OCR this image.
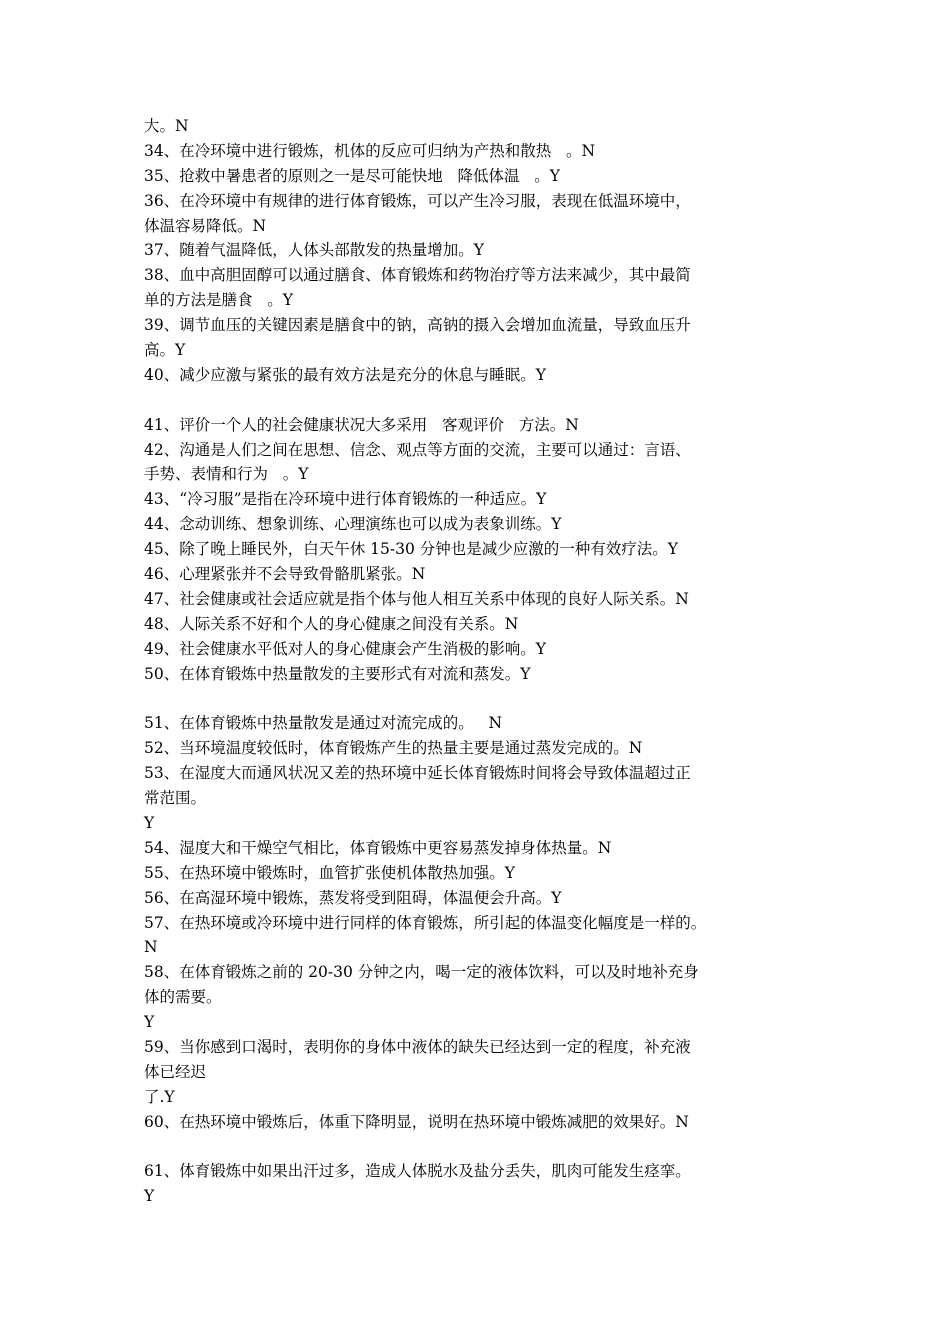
大。N
34、在冷环境中进行锻炼，机体的反应可归纳为产热和散热   。N
35、抢救中暑患者的原则之一是尽可能快地   降低体温   。Y
36、在冷环境中有规律的进行体育锻炼，可以产生冷习服，表现在低温环境中，
体温容易降低。N
37、随着气温降低，人体头部散发的热量增加。Y
38、血中高胆固醇可以通过膳食、体育锻炼和药物治疗等方法来减少，其中最简
单的方法是膳食   。Y
39、调节血压的关键因素是膳食中的钠，高钠的摄入会增加血流量，导致血压升
高。Y
40、减少应激与紧张的最有效方法是充分的休息与睡眠。Y
41、评价一个人的社会健康状况大多采用   客观评价   方法。N
42、沟通是人们之间在思想、信念、观点等方面的交流，主要可以通过：言语、
手势、表情和行为   。Y
43、“冷习服”是指在冷环境中进行体育锻炼的一种适应。Y
44、念动训练、想象训练、心理演练也可以成为表象训练。Y
45、除了晚上睡民外，白天午休 15-30 分钟也是减少应激的一种有效疗法。Y
46、心理紧张并不会导致骨骼肌紧张。N
47、社会健康或社会适应就是指个体与他人相互关系中体现的良好人际关系。N
48、人际关系不好和个人的身心健康之间没有关系。N
49、社会健康水平低对人的身心健康会产生消极的影响。Y
50、在体育锻炼中热量散发的主要形式有对流和蒸发。Y
51、在体育锻炼中热量散发是通过对流完成的。   N
52、当环境温度较低时，体育锻炼产生的热量主要是通过蒸发完成的。N
53、在湿度大而通风状况又差的热环境中延长体育锻炼时间将会导致体温超过正
常范围。
Y
54、湿度大和干燥空气相比，体育锻炼中更容易蒸发掉身体热量。N
55、在热环境中锻炼时，血管扩张使机体散热加强。Y
56、在高湿环境中锻炼，蒸发将受到阻碍，体温便会升高。Y
57、在热环境或冷环境中进行同样的体育锻炼，所引起的体温变化幅度是一样的。
N
58、在体育锻炼之前的 20-30 分钟之内，喝一定的液体饮料，可以及时地补充身
体的需要。
Y
59、当你感到口渴时，表明你的身体中液体的缺失已经达到一定的程度，补充液
体已经迟
了.Y
60、在热环境中锻炼后，体重下降明显，说明在热环境中锻炼减肥的效果好。N
61、体育锻炼中如果出汗过多，造成人体脱水及盐分丢失，肌肉可能发生痉挛。
Y
